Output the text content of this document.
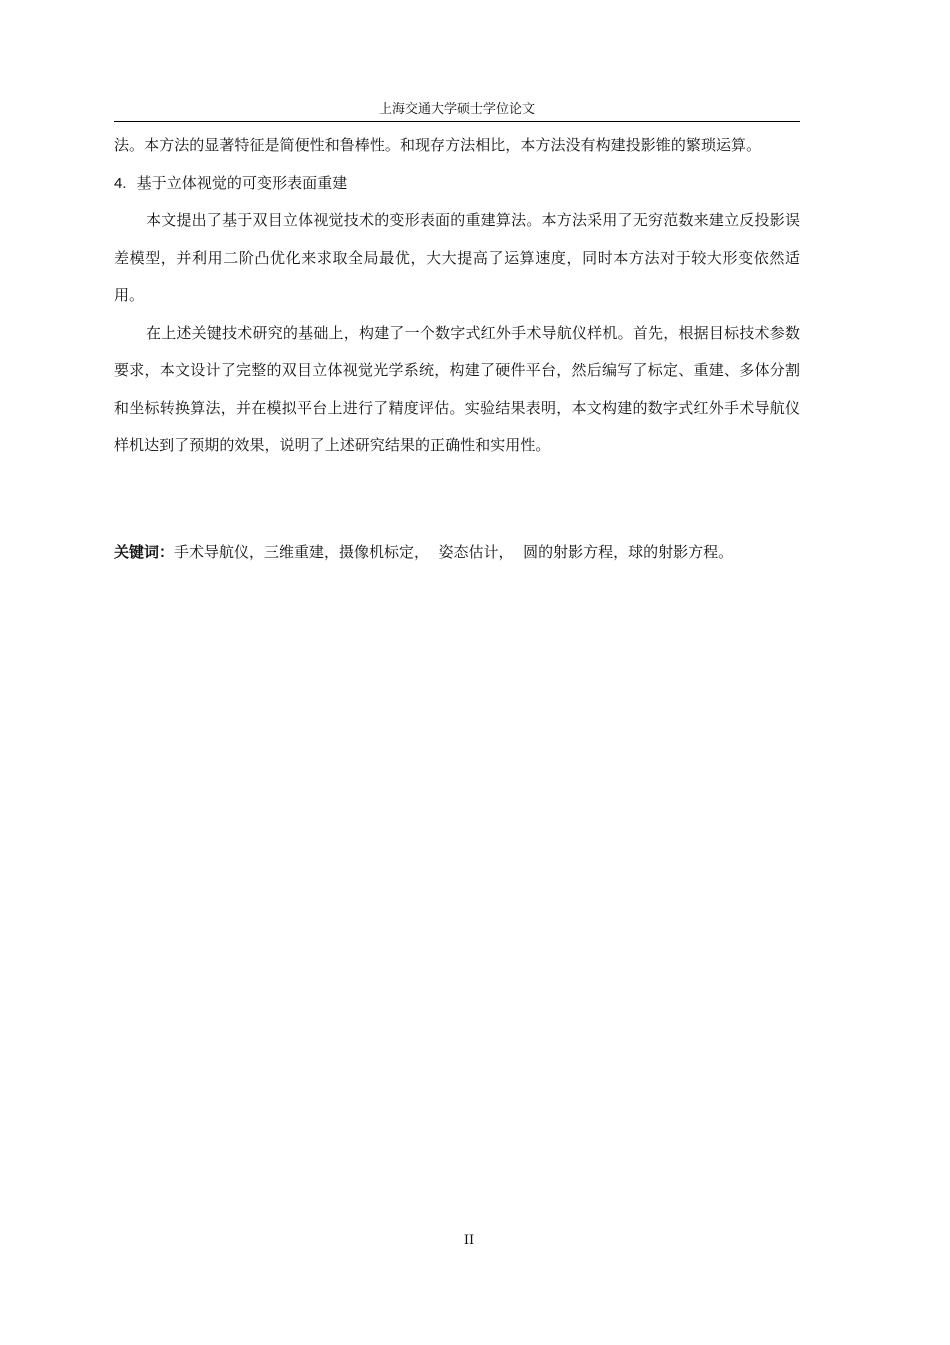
上海交通大学硕士学位论文

法。本方法的显著特征是简便性和鲁棒性。和现存方法相比，本方法没有构建投影锥的繁琐运算。

4. 基于立体视觉的可变形表面重建

本文提出了基于双目立体视觉技术的变形表面的重建算法。本方法采用了无穷范数来建立反投影误差模型，并利用二阶凸优化来求取全局最优，大大提高了运算速度，同时本方法对于较大形变依然适用。

在上述关键技术研究的基础上，构建了一个数字式红外手术导航仪样机。首先，根据目标技术参数要求，本文设计了完整的双目立体视觉光学系统，构建了硬件平台，然后编写了标定、重建、多体分割和坐标转换算法，并在模拟平台上进行了精度评估。实验结果表明，本文构建的数字式红外手术导航仪样机达到了预期的效果，说明了上述研究结果的正确性和实用性。

关键词：手术导航仪，三维重建，摄像机标定，  姿态估计，  圆的射影方程，球的射影方程。
II
